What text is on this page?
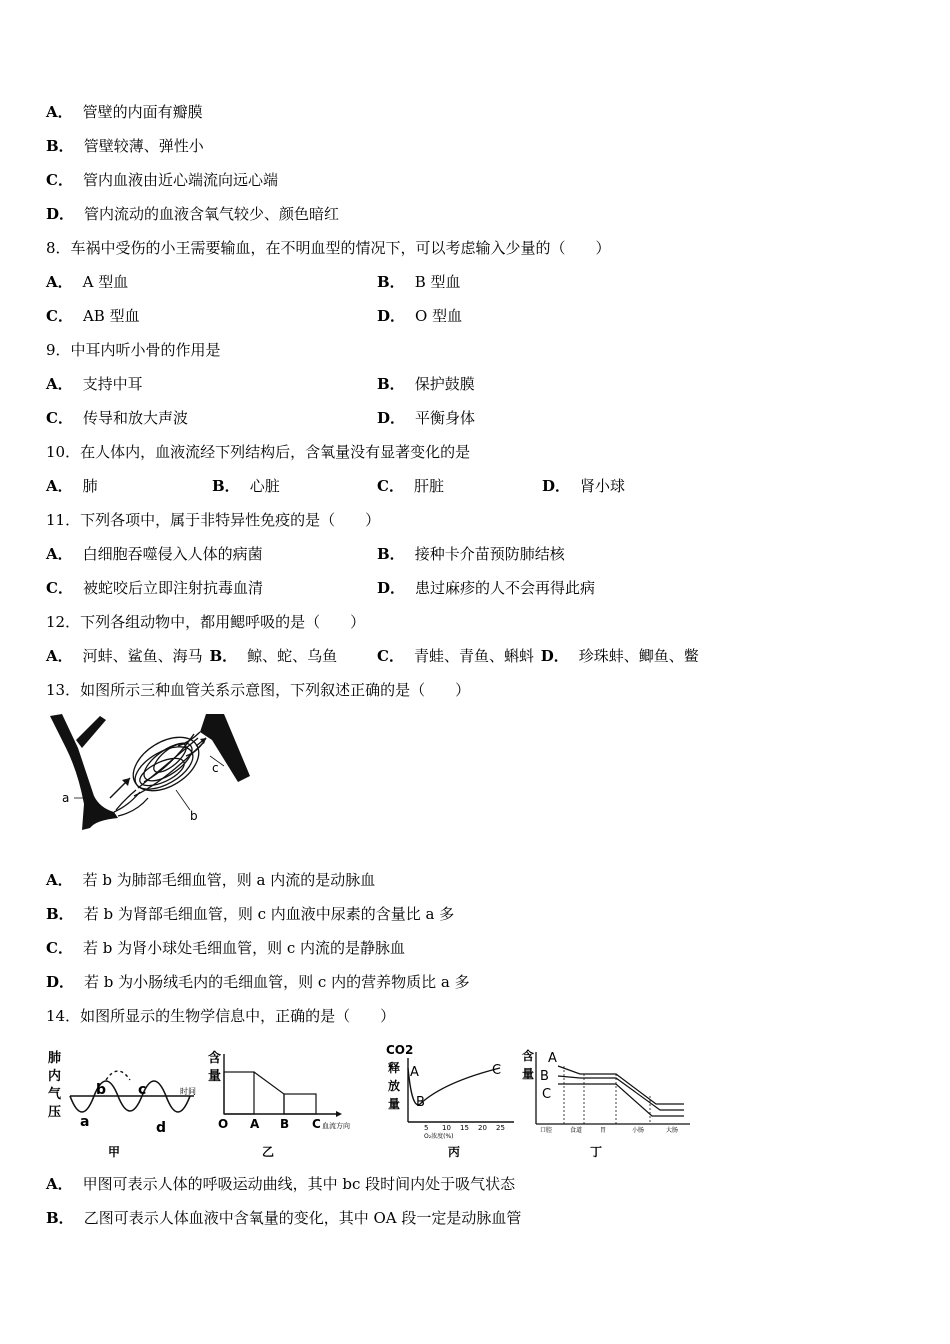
A． 管壁的内面有瓣膜
B． 管壁较薄、弹性小
C． 管内血液由近心端流向远心端
D． 管内流动的血液含氧气较少、颜色暗红
8．车祸中受伤的小王需要输血，在不明血型的情况下，可以考虑输入少量的（　　）
A． A 型血	B． B 型血
C． AB 型血	D． O 型血
9．中耳内听小骨的作用是
A． 支持中耳	B． 保护鼓膜
C． 传导和放大声波	D． 平衡身体
10．在人体内，血液流经下列结构后，含氧量没有显著变化的是
A． 肺	B． 心脏	C． 肝脏	D． 肾小球
11．下列各项中，属于非特异性免疫的是（　　）
A． 白细胞吞噬侵入人体的病菌	B． 接种卡介苗预防肺结核
C． 被蛇咬后立即注射抗毒血清	D． 患过麻疹的人不会再得此病
12．下列各组动物中，都用鳃呼吸的是（　　）
A． 河蚌、鲨鱼、海马 B． 鲸、蛇、乌鱼	C． 青蛙、青鱼、蝌蚪 D． 珍珠蚌、鲫鱼、鳖
13．如图所示三种血管关系示意图，下列叙述正确的是（　　）
a
c
b
A． 若 b 为肺部毛细血管，则 a 内流的是动脉血
B． 若 b 为肾部毛细血管，则 c 内血液中尿素的含量比 a 多
C． 若 b 为肾小球处毛细血管，则 c 内流的是静脉血
D． 若 b 为小肠绒毛内的毛细血管，则 c 内的营养物质比 a 多
14．如图所显示的生物学信息中，正确的是（　　）
肺
内
气
压
时间
a
b c
d
甲
含
量
O A B C 血流方向
乙
CO2
释
放
量
A
B
C
5 10 15 20 25
O₂浓度(%)
丙
含
量
A
B
C
口腔	食道	胃	小肠	大肠
丁
A． 甲图可表示人体的呼吸运动曲线，其中 bc 段时间内处于吸气状态
B． 乙图可表示人体血液中含氧量的变化，其中 OA 段一定是动脉血管
